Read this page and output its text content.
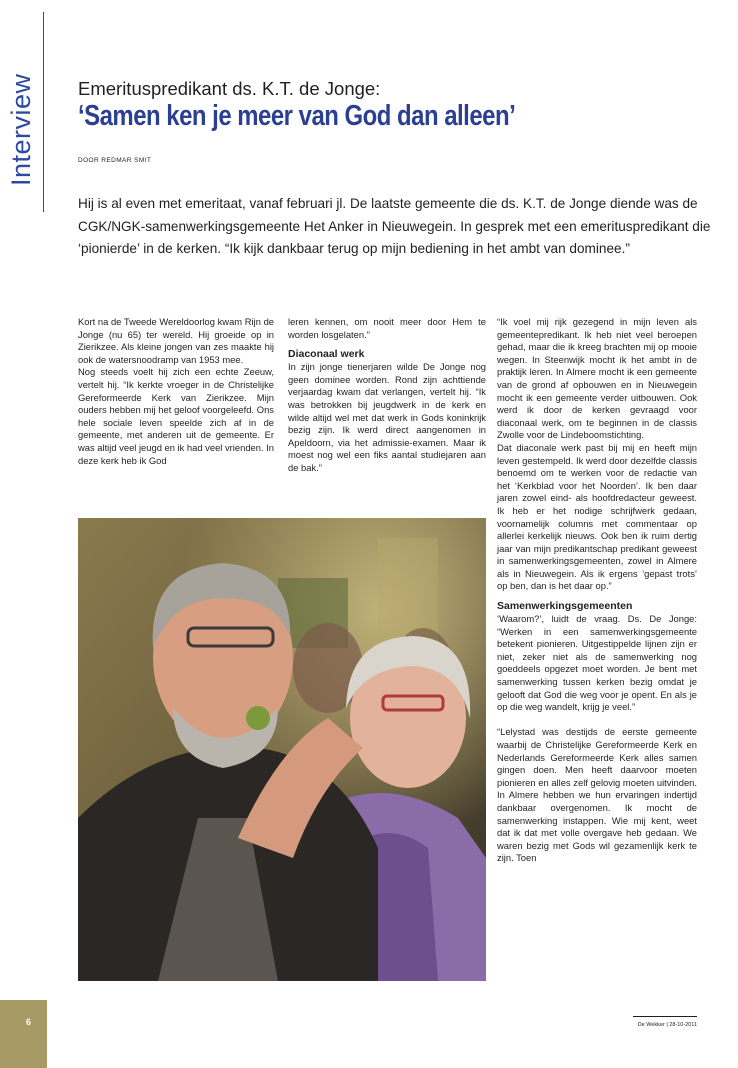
Interview Emerituspredikant ds. K.T. de Jonge:
‘Samen ken je meer van God dan alleen’
DOOR REDMAR SMIT

Hij is al even met emeritaat, vanaf februari jl. De laatste gemeente die ds. K.T. de Jonge diende was de CGK/NGK-samenwerkingsgemeente Het Anker in Nieuwegein. In gesprek met een emerituspredikant die ‘pionierde’ in de kerken. “Ik kijk dankbaar terug op mijn bediening in het ambt van dominee.”

Kort na de Tweede Wereldoorlog kwam Rijn de Jonge (nu 65) ter wereld. Hij groeide op in Zierikzee. Als kleine jongen van zes maakte hij ook de watersnoodramp van 1953 mee.

Nog steeds voelt hij zich een echte Zeeuw, vertelt hij. “Ik kerkte vroeger in de Christelijke Gereformeerde Kerk van Zierikzee. Mijn ouders hebben mij het geloof voorgeleefd. Ons hele sociale leven speelde zich af in de gemeente, met anderen uit de gemeente. Er was altijd veel jeugd en ik had veel vrienden. In deze kerk heb ik God

leren kennen, om nooit meer door Hem te worden losgelaten.”

Diaconaal werk

In zijn jonge tienerjaren wilde De Jonge nog geen dominee worden. Rond zijn achttiende verjaardag kwam dat verlangen, vertelt hij. “Ik was betrokken bij jeugdwerk in de kerk en wilde altijd wel met dat werk in Gods koninkrijk bezig zijn. Ik werd direct aangenomen in Apeldoorn, via het admissie-examen. Maar ik moest nog wel een fiks aantal studiejaren aan de bak.”

“Ik voel mij rijk gezegend in mijn leven als gemeentepredikant. Ik heb niet veel beroepen gehad, maar die ik kreeg brachten mij op mooie wegen. In Steenwijk mocht ik het ambt in de praktijk leren. In Almere mocht ik een gemeente van de grond af opbouwen en in Nieuwegein mocht ik een gemeente verder uitbouwen. Ook werd ik door de kerken gevraagd voor diaconaal werk, om te beginnen in de classis Zwolle voor de Lindeboomstichting.

Dat diaconale werk past bij mij en heeft mijn leven gestempeld. Ik werd door dezelfde classis benoemd om te werken voor de redactie van het ‘Kerkblad voor het Noorden’. Ik ben daar jaren zowel eind- als hoofdredacteur geweest. Ik heb er het nodige schrijfwerk gedaan, voornamelijk columns met commentaar op allerlei kerkelijk nieuws. Ook ben ik ruim dertig jaar van mijn predikantschap predikant geweest in samenwerkingsgemeenten, zowel in Almere als in Nieuwegein. Als ik ergens ‘gepast trots’ op ben, dan is het daar op.”

Samenwerkingsgemeenten

‘Waarom?’, luidt de vraag. Ds. De Jonge: “Werken in een samenwerkingsgemeente betekent pionieren. Uitgestippelde lijnen zijn er niet, zeker niet als de samenwerking nog goeddeels opgezet moet worden. Je bent met samenwerking tussen kerken bezig omdat je gelooft dat God die weg voor je opent. En als je op die weg wandelt, krijg je veel.”

“Lelystad was destijds de eerste gemeente waarbij de Christelijke Gereformeerde Kerk en Nederlands Gereformeerde Kerk alles samen gingen doen. Men heeft daarvoor moeten pionieren en alles zelf gelovig moeten uitvinden. In Almere hebben we hun ervaringen indertijd dankbaar overgenomen. Ik mocht de samenwerking instappen. Wie mij kent, weet dat ik dat met volle overgave heb gedaan. We waren bezig met Gods wil gezamenlijk kerk te zijn. Toen

6	De Wekker | 28-10-2011
